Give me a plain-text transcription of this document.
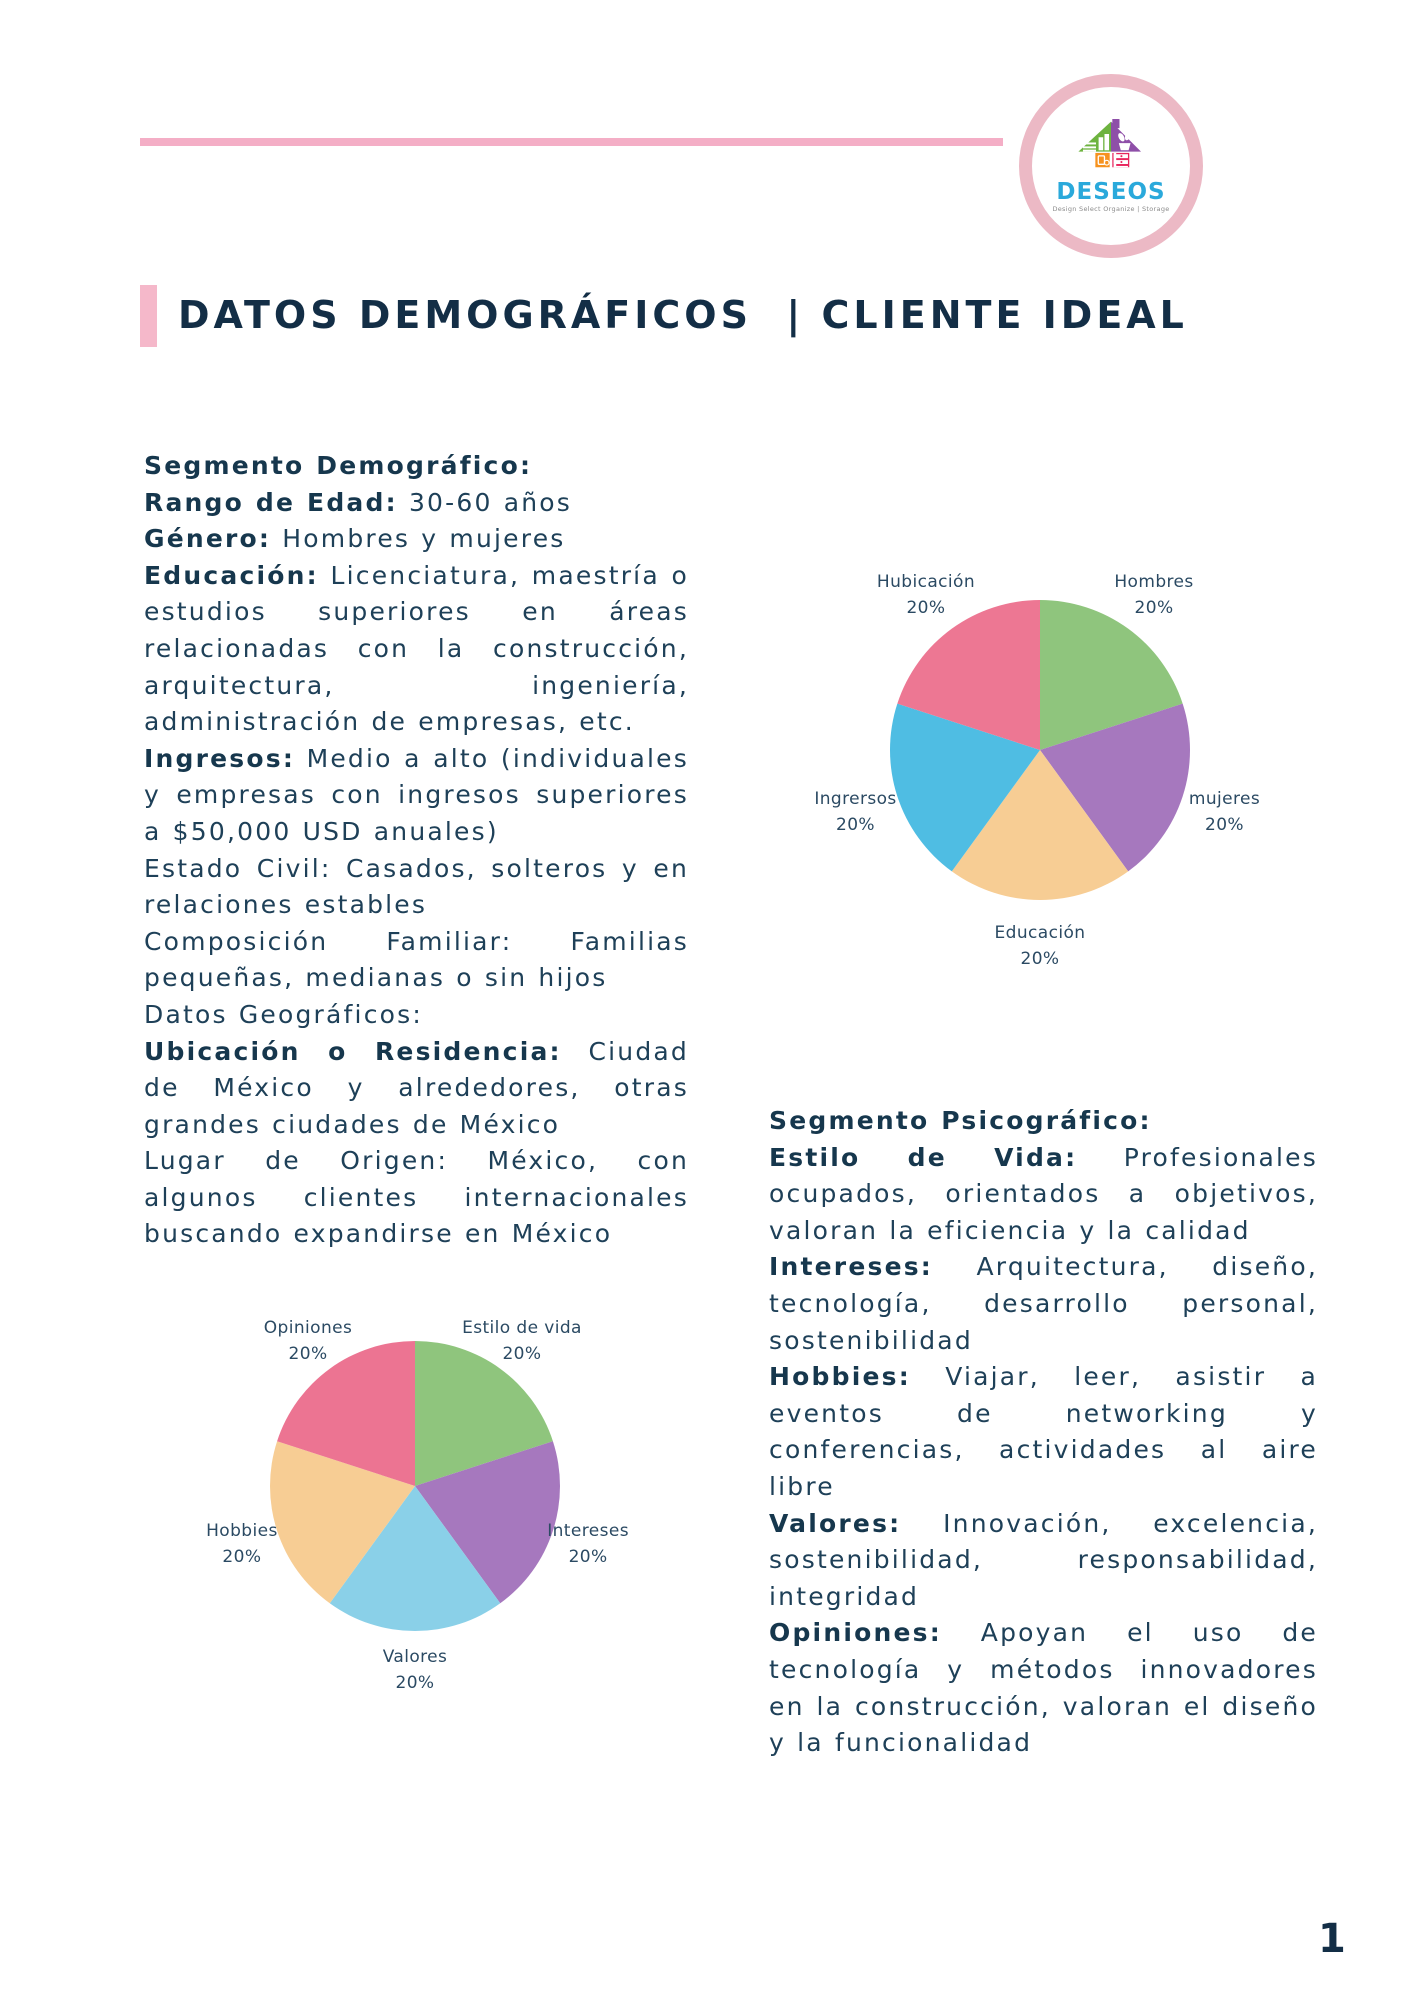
DESEOS
Design Select Organize | Storage
DATOS DEMOGRÁFICOS  | CLIENTE IDEAL

Segmento Demográfico:

Rango de Edad: 30-60 años

Género: Hombres y mujeres

Educación: Licenciatura, maestría o estudios superiores en áreas relacionadas con la construcción, arquitectura, ingeniería, administración de empresas, etc.

Ingresos: Medio a alto (individuales y empresas con ingresos superiores a $50,000 USD anuales)

Estado Civil: Casados, solteros y en relaciones estables

Composición Familiar: Familias pequeñas, medianas o sin hijos

Datos Geográficos:

Ubicación o Residencia: Ciudad de México y alrededores, otras grandes ciudades de México

Lugar de Origen: México, con algunos clientes internacionales buscando expandirse en México

Segmento Psicográfico:

Estilo de Vida: Profesionales ocupados, orientados a objetivos, valoran la eficiencia y la calidad

Intereses: Arquitectura, diseño, tecnología, desarrollo personal, sostenibilidad

Hobbies: Viajar, leer, asistir a eventos de networking y conferencias, actividades al aire libre

Valores: Innovación, excelencia, sostenibilidad, responsabilidad, integridad

Opiniones: Apoyan el uso de tecnología y métodos innovadores en la construcción, valoran el diseño y la funcionalidad

Hombres 20%
mujeres 20%
Educación 20%
Ingrersos 20%
Hubicación 20%
Estilo de vida 20%
Intereses 20%
Valores 20%
Hobbies 20%
Opiniones 20%
1
